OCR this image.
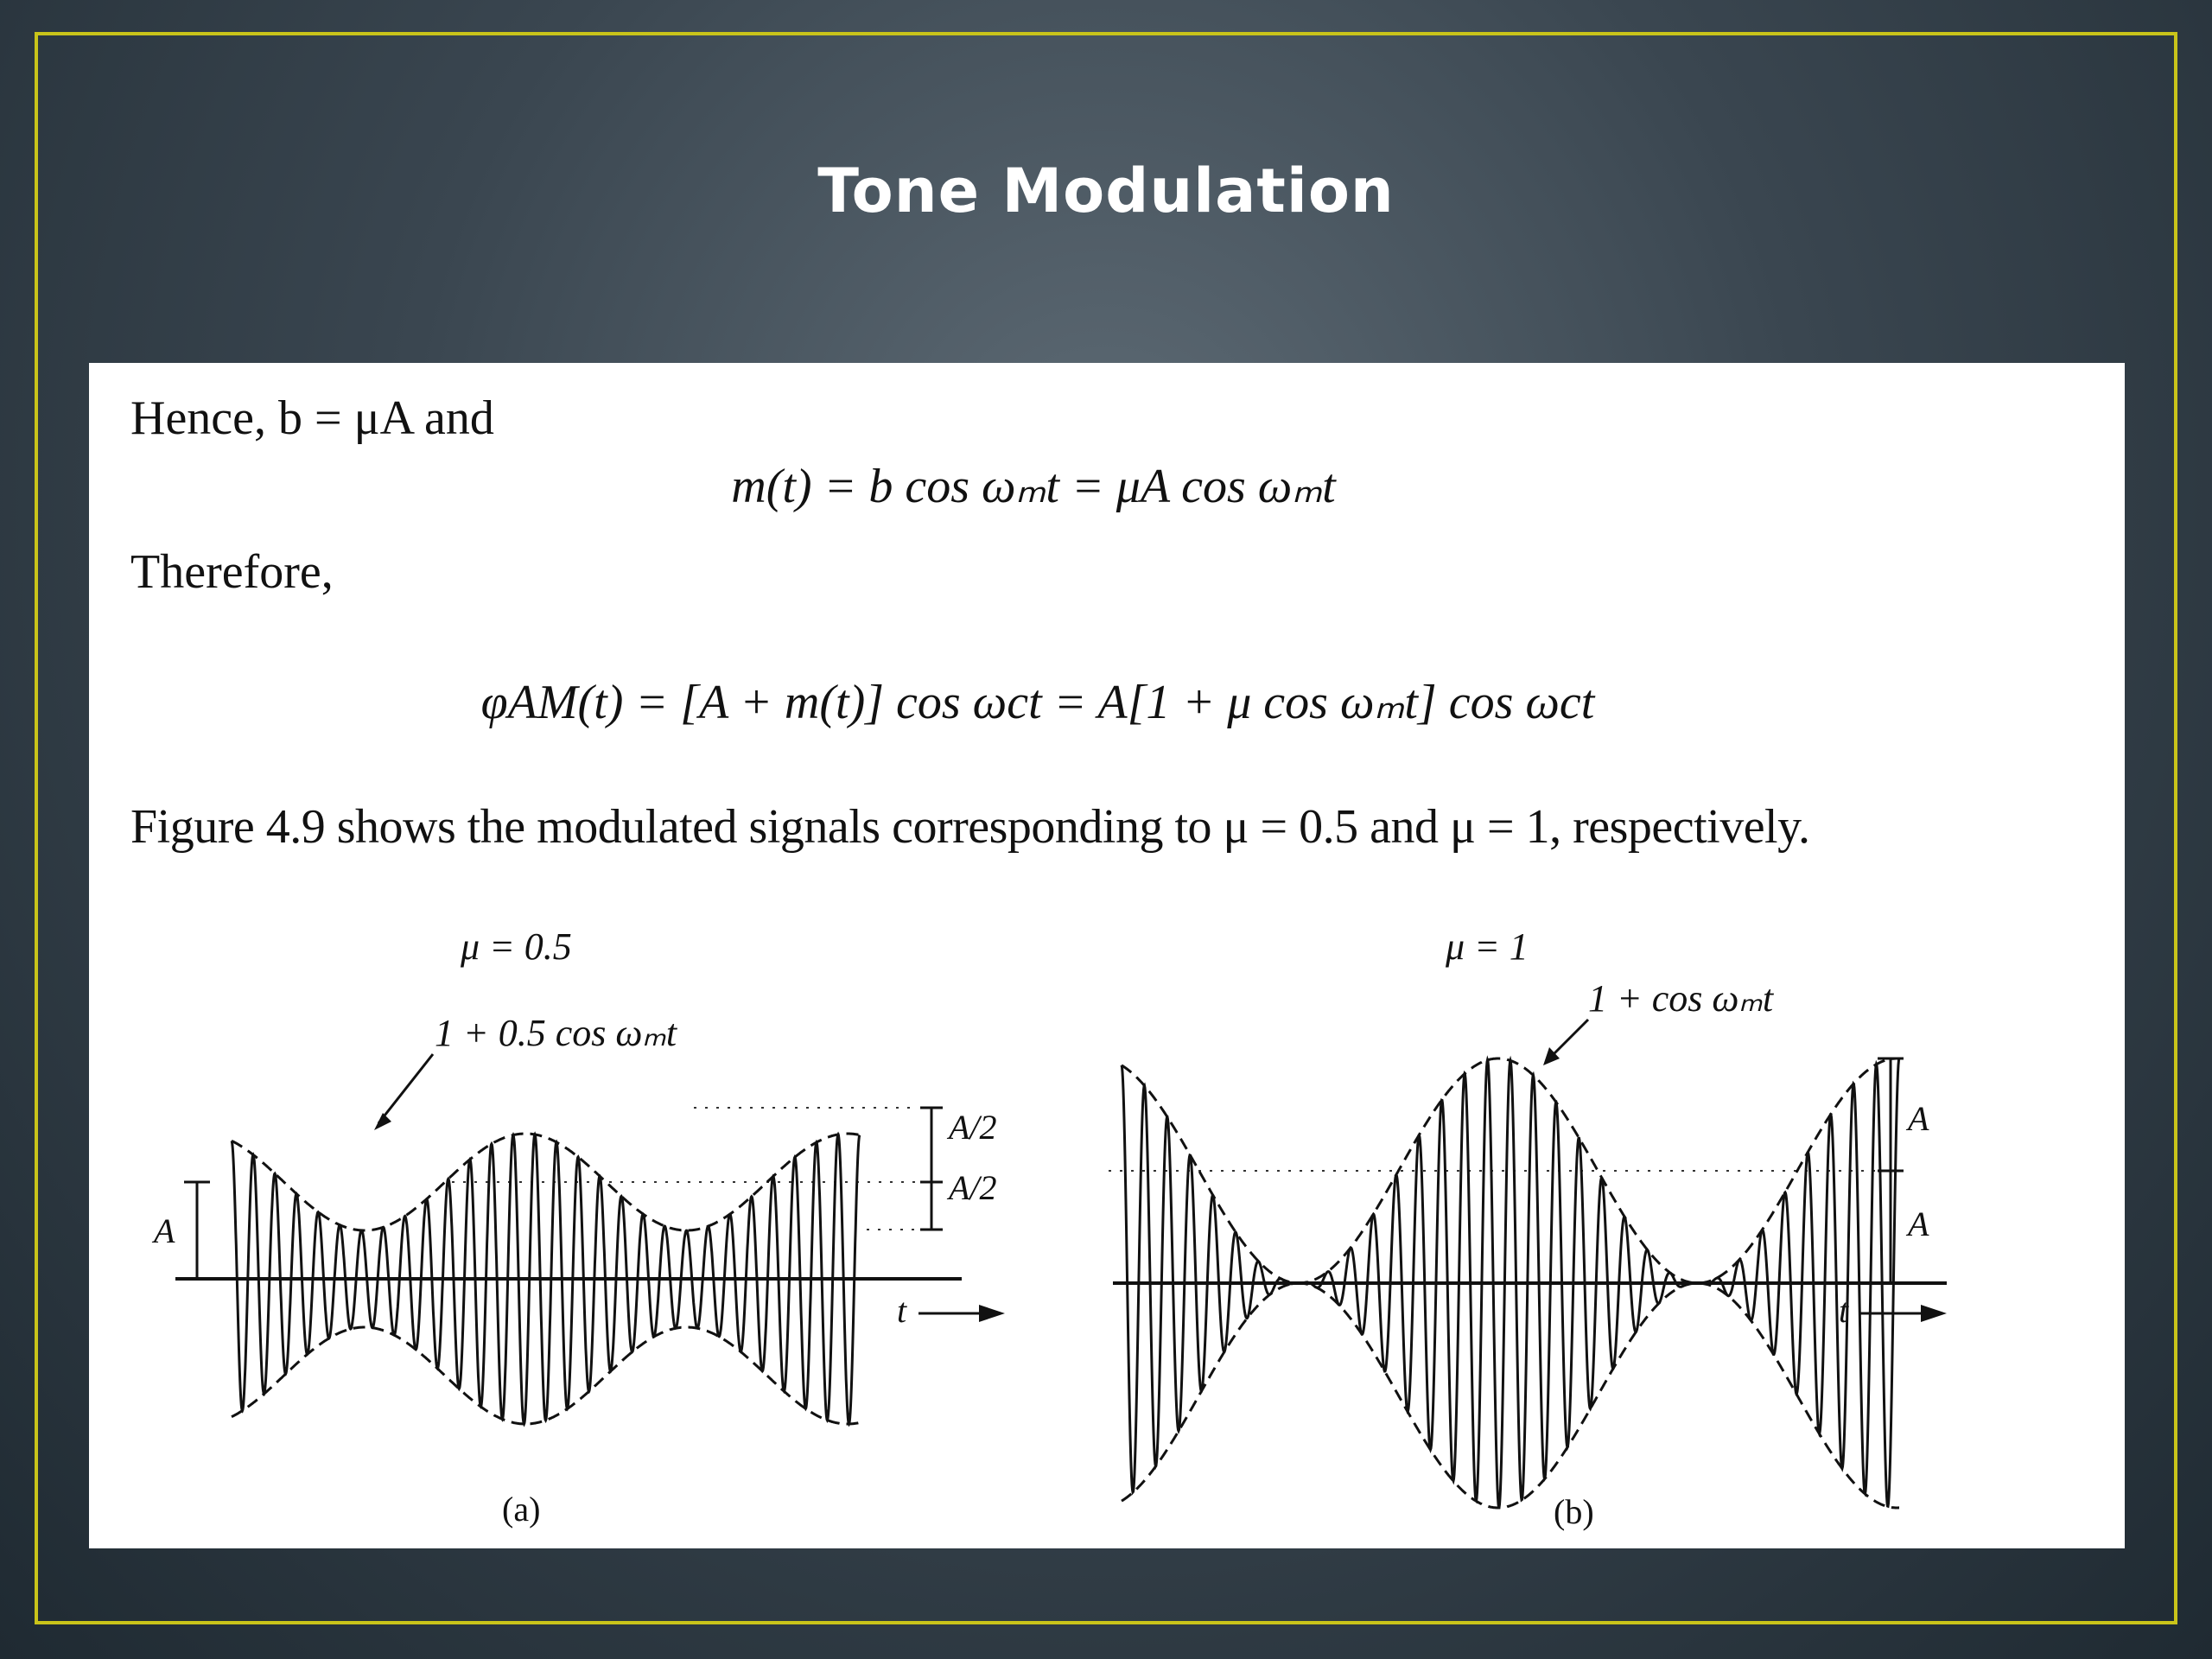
Tone Modulation
Hence, b = μA and
m(t) = b cos ωₘt = μA cos ωₘt
Therefore,
φAM(t) = [A + m(t)] cos ωct = A[1 + μ cos ωₘt] cos ωct
Figure 4.9 shows the modulated signals corresponding to μ = 0.5 and μ = 1, respectively.
μ = 0.5
1 + 0.5 cos ωₘt
t
A
A/2
A/2
(a)
μ = 1
1 + cos ωₘt
t
A
A
(b)
